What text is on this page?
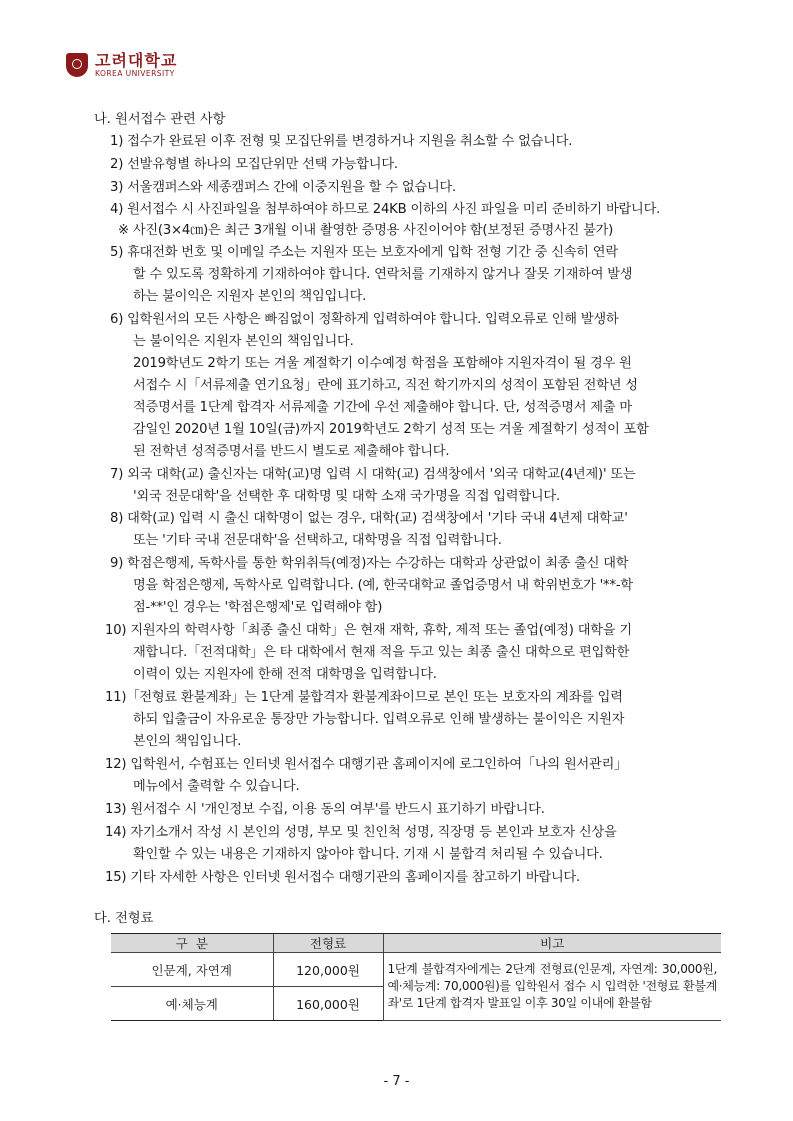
고려대학교
KOREA UNIVERSITY
나. 원서접수 관련 사항
1) 접수가 완료된 이후 전형 및 모집단위를 변경하거나 지원을 취소할 수 없습니다.
2) 선발유형별 하나의 모집단위만 선택 가능합니다.
3) 서울캠퍼스와 세종캠퍼스 간에 이중지원을 할 수 없습니다.
4) 원서접수 시 사진파일을 첨부하여야 하므로 24KB 이하의 사진 파일을 미리 준비하기 바랍니다.
※ 사진(3×4㎝)은 최근 3개월 이내 촬영한 증명용 사진이어야 함(보정된 증명사진 불가)
5) 휴대전화 번호 및 이메일 주소는 지원자 또는 보호자에게 입학 전형 기간 중 신속히 연락
할 수 있도록 정확하게 기재하여야 합니다. 연락처를 기재하지 않거나 잘못 기재하여 발생
하는 불이익은 지원자 본인의 책임입니다.
6) 입학원서의 모든 사항은 빠짐없이 정확하게 입력하여야 합니다. 입력오류로 인해 발생하
는 불이익은 지원자 본인의 책임입니다.
2019학년도 2학기 또는 겨울 계절학기 이수예정 학점을 포함해야 지원자격이 될 경우 원
서접수 시「서류제출 연기요청」란에 표기하고, 직전 학기까지의 성적이 포함된 전학년 성
적증명서를 1단계 합격자 서류제출 기간에 우선 제출해야 합니다. 단, 성적증명서 제출 마
감일인 2020년 1월 10일(금)까지 2019학년도 2학기 성적 또는 겨울 계절학기 성적이 포함
된 전학년 성적증명서를 반드시 별도로 제출해야 합니다.
7) 외국 대학(교) 출신자는 대학(교)명 입력 시 대학(교) 검색창에서 '외국 대학교(4년제)' 또는
'외국 전문대학'을 선택한 후 대학명 및 대학 소재 국가명을 직접 입력합니다.
8) 대학(교) 입력 시 출신 대학명이 없는 경우, 대학(교) 검색창에서 '기타 국내 4년제 대학교'
또는 '기타 국내 전문대학'을 선택하고, 대학명을 직접 입력합니다.
9) 학점은행제, 독학사를 통한 학위취득(예정)자는 수강하는 대학과 상관없이 최종 출신 대학
명을 학점은행제, 독학사로 입력합니다. (예, 한국대학교 졸업증명서 내 학위번호가 '**-학
점-**'인 경우는 '학점은행제'로 입력해야 함)
10) 지원자의 학력사항「최종 출신 대학」은 현재 재학, 휴학, 제적 또는 졸업(예정) 대학을 기
재합니다.「전적대학」은 타 대학에서 현재 적을 두고 있는 최종 출신 대학으로 편입학한
이력이 있는 지원자에 한해 전적 대학명을 입력합니다.
11)「전형료 환불계좌」는 1단계 불합격자 환불계좌이므로 본인 또는 보호자의 계좌를 입력
하되 입출금이 자유로운 통장만 가능합니다. 입력오류로 인해 발생하는 불이익은 지원자
본인의 책임입니다.
12) 입학원서, 수험표는 인터넷 원서접수 대행기관 홈페이지에 로그인하여「나의 원서관리」
메뉴에서 출력할 수 있습니다.
13) 원서접수 시 '개인정보 수집, 이용 동의 여부'를 반드시 표기하기 바랍니다.
14) 자기소개서 작성 시 본인의 성명, 부모 및 친인척 성명, 직장명 등 본인과 보호자 신상을
확인할 수 있는 내용은 기재하지 않아야 합니다. 기재 시 불합격 처리될 수 있습니다.
15) 기타 자세한 사항은 인터넷 원서접수 대행기관의 홈페이지를 참고하기 바랍니다.
다. 전형료
구  분	전형료	비고
인문계, 자연계	120,000원	1단계 불합격자에게는 2단계 전형료(인문계, 자연계: 30,000원, 예·체능계: 70,000원)를 입학원서 접수 시 입력한 '전형료 환불계좌'로 1단계 합격자 발표일 이후 30일 이내에 환불함
예·체능계	160,000원	
- 7 -
